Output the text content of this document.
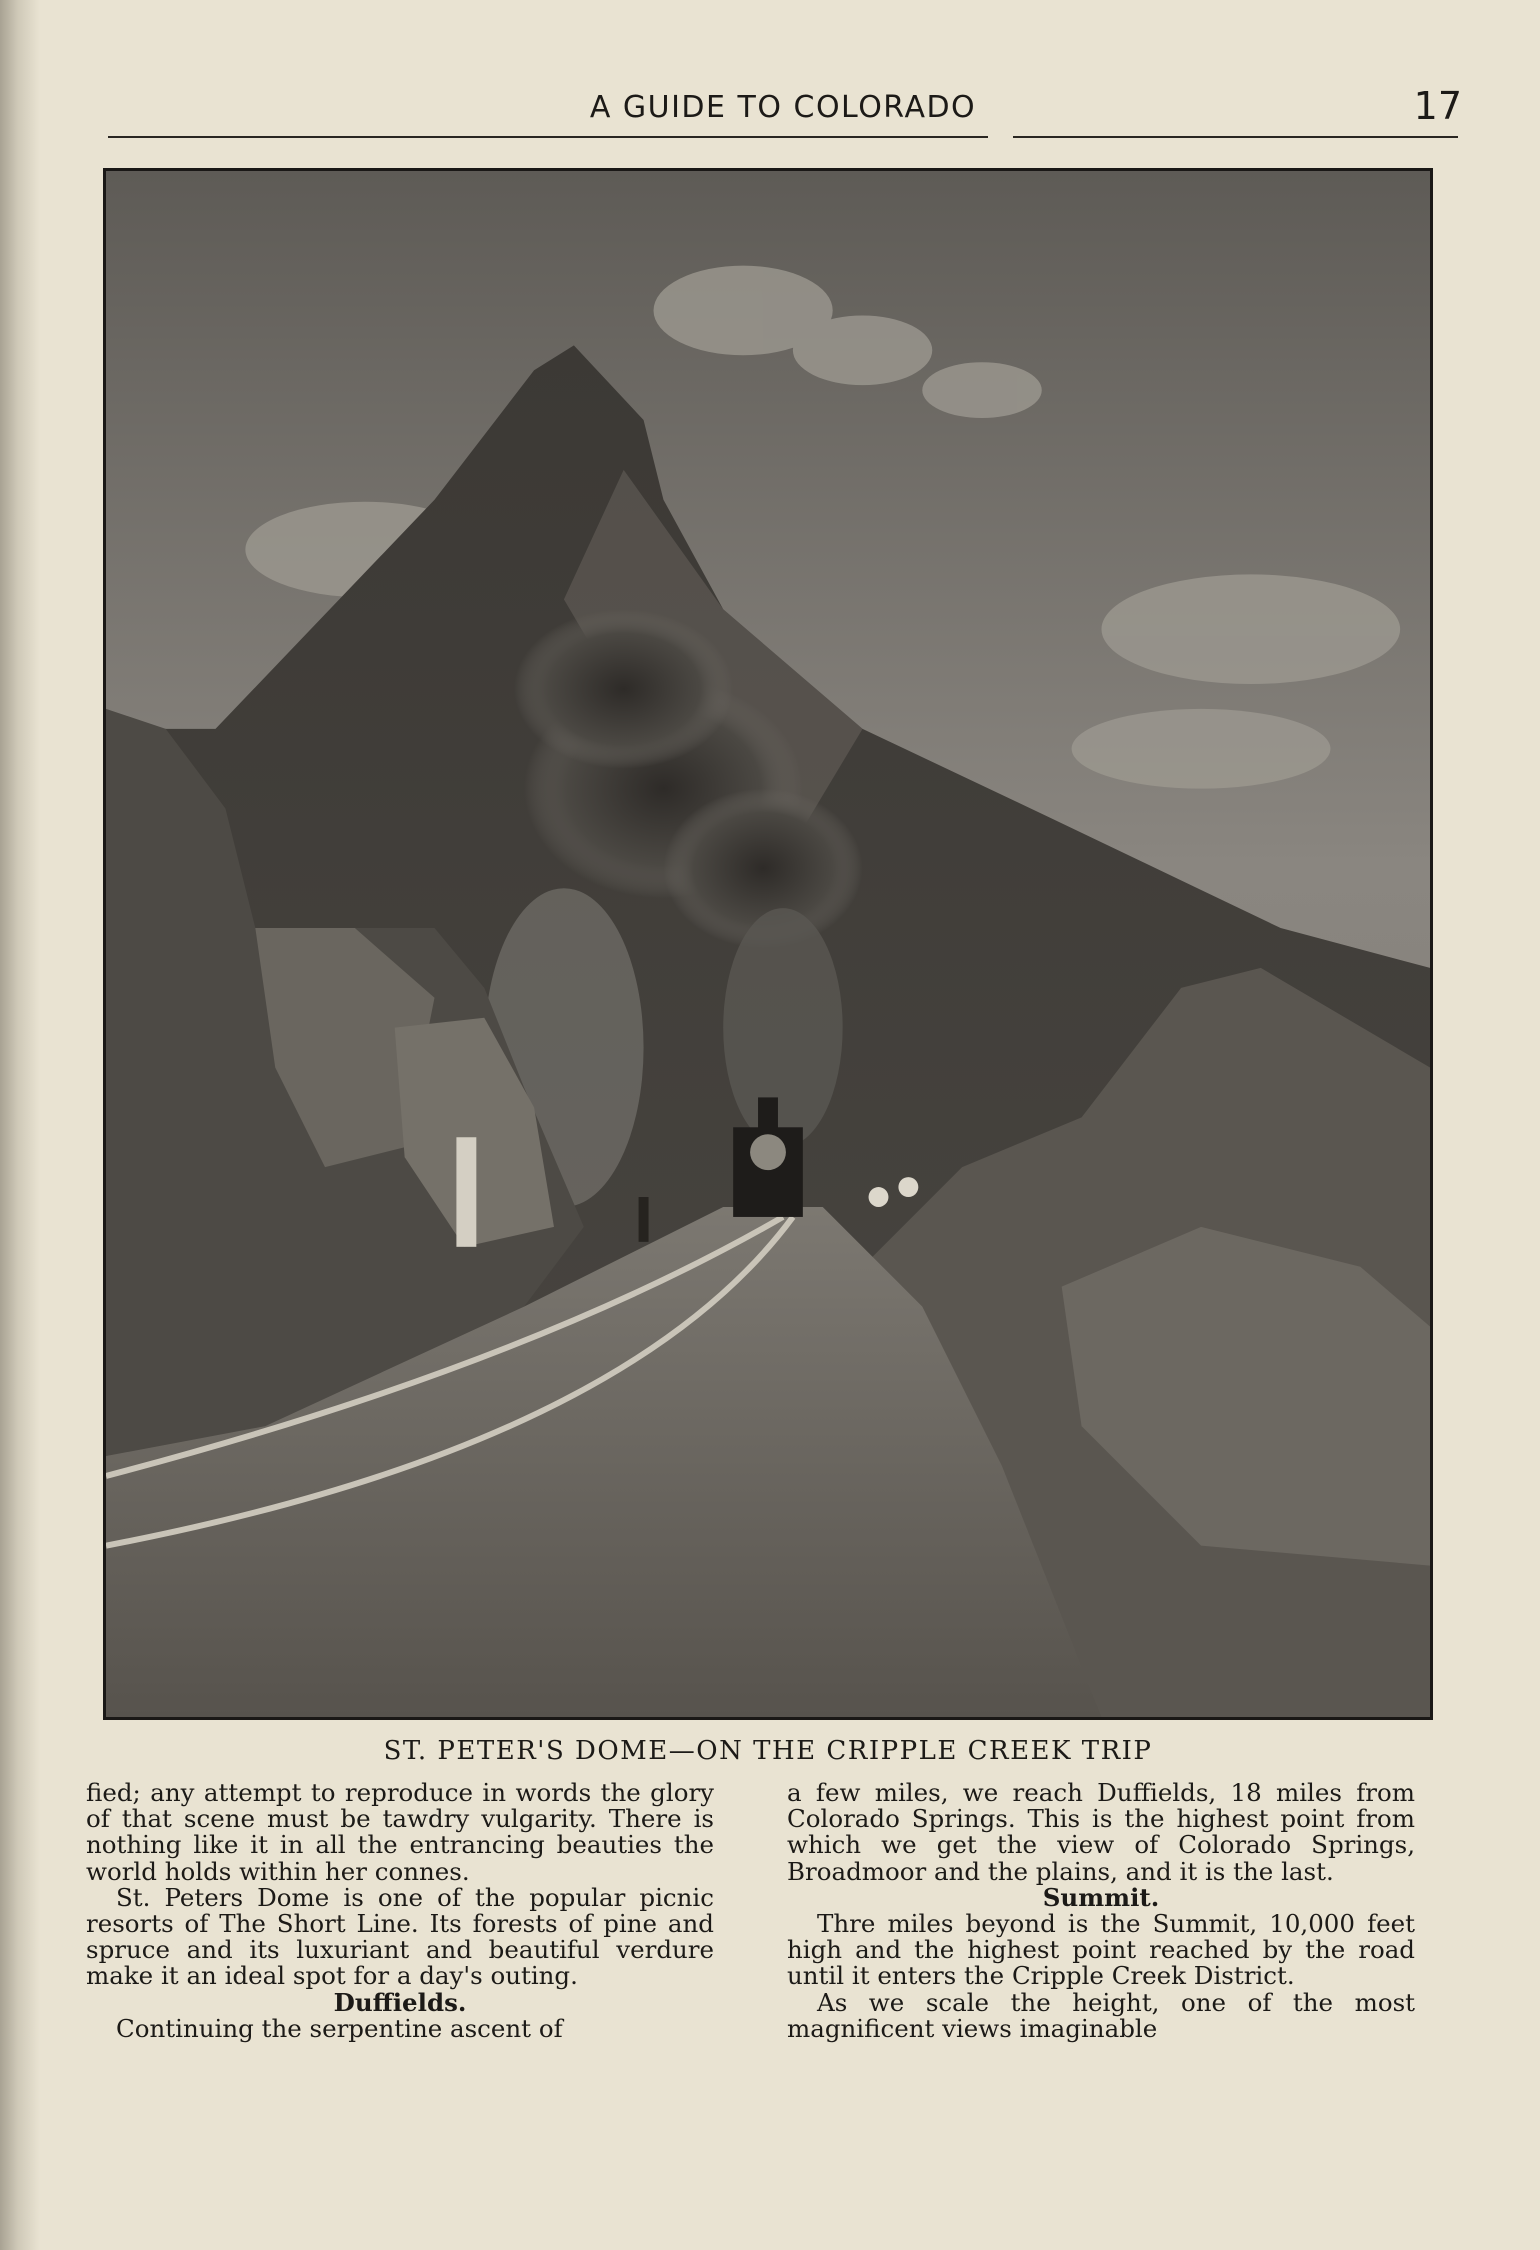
A GUIDE TO COLORADO	17
ST. PETER'S DOME—ON THE CRIPPLE CREEK TRIP

fied; any attempt to reproduce in words the glory of that scene must be tawdry vulgarity. There is nothing like it in all the entrancing beauties the world holds within her connes.

St. Peters Dome is one of the popular picnic resorts of The Short Line. Its forests of pine and spruce and its luxuriant and beautiful verdure make it an ideal spot for a day's outing.

Duffields.

Continuing the serpentine ascent of

a few miles, we reach Duffields, 18 miles from Colorado Springs. This is the highest point from which we get the view of Colorado Springs, Broadmoor and the plains, and it is the last.

Summit.

Thre miles beyond is the Summit, 10,000 feet high and the highest point reached by the road until it enters the Cripple Creek District.

As we scale the height, one of the most magnificent views imaginable
